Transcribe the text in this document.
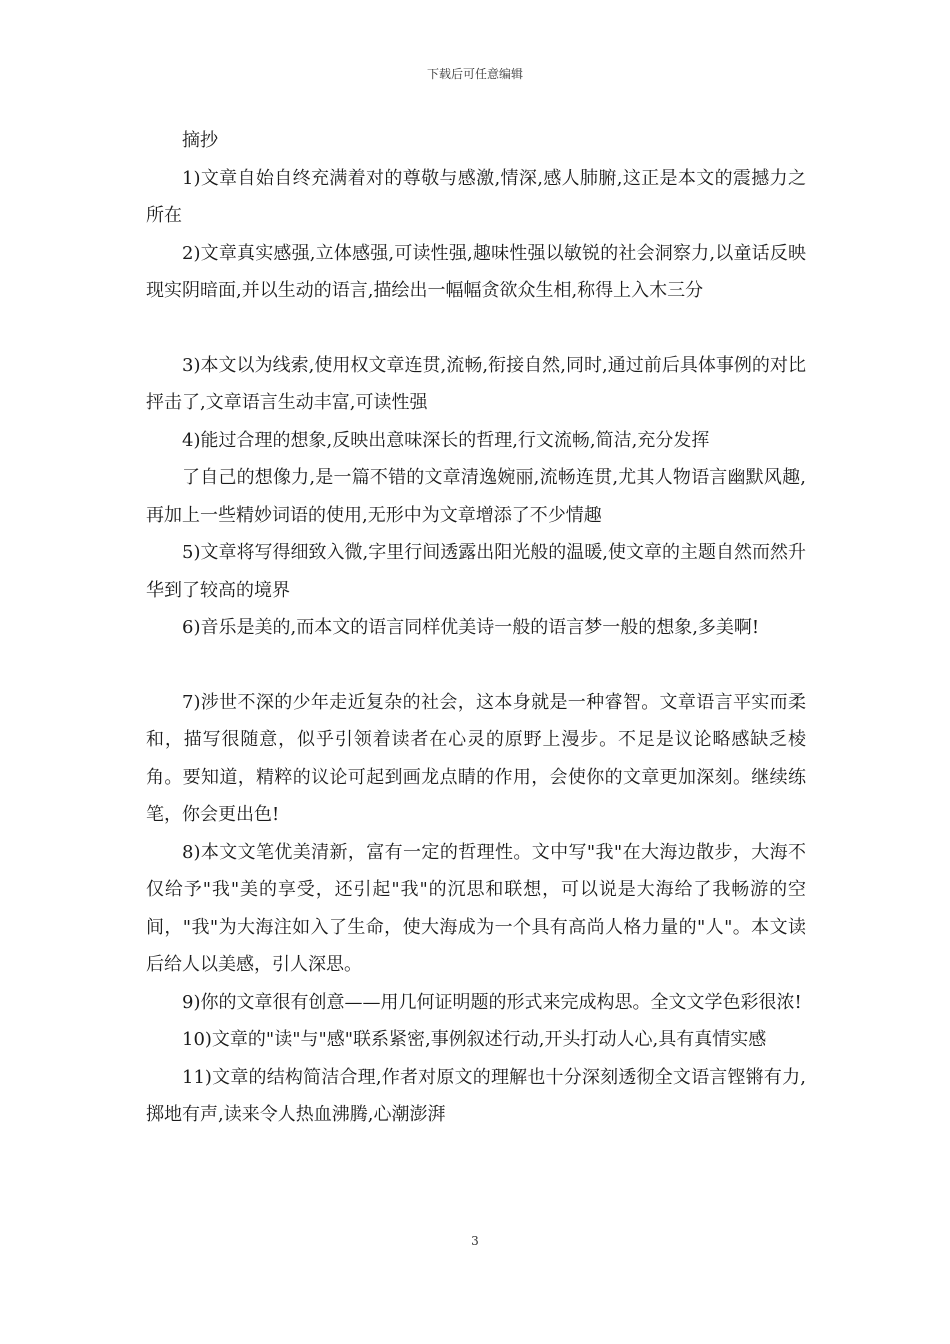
下载后可任意编辑

摘抄

1)文章自始自终充满着对的尊敬与感激,情深,感人肺腑,这正是本文的震撼力之所在

2)文章真实感强,立体感强,可读性强,趣味性强以敏锐的社会洞察力,以童话反映现实阴暗面,并以生动的语言,描绘出一幅幅贪欲众生相,称得上入木三分

3)本文以为线索,使用权文章连贯,流畅,衔接自然,同时,通过前后具体事例的对比抨击了,文章语言生动丰富,可读性强

4)能过合理的想象,反映出意味深长的哲理,行文流畅,简洁,充分发挥

了自己的想像力,是一篇不错的文章清逸婉丽,流畅连贯,尤其人物语言幽默风趣,再加上一些精妙词语的使用,无形中为文章增添了不少情趣

5)文章将写得细致入微,字里行间透露出阳光般的温暖,使文章的主题自然而然升华到了较高的境界

6)音乐是美的,而本文的语言同样优美诗一般的语言梦一般的想象,多美啊!

7)涉世不深的少年走近复杂的社会，这本身就是一种睿智。文章语言平实而柔和，描写很随意，似乎引领着读者在心灵的原野上漫步。不足是议论略感缺乏棱角。要知道，精粹的议论可起到画龙点睛的作用，会使你的文章更加深刻。继续练笔，你会更出色!

8)本文文笔优美清新，富有一定的哲理性。文中写"我"在大海边散步，大海不仅给予"我"美的享受，还引起"我"的沉思和联想，可以说是大海给了我畅游的空间，"我"为大海注如入了生命，使大海成为一个具有高尚人格力量的"人"。本文读后给人以美感，引人深思。

9)你的文章很有创意——用几何证明题的形式来完成构思。全文文学色彩很浓!

10)文章的"读"与"感"联系紧密,事例叙述行动,开头打动人心,具有真情实感

11)文章的结构简洁合理,作者对原文的理解也十分深刻透彻全文语言铿锵有力,掷地有声,读来令人热血沸腾,心潮澎湃

3
